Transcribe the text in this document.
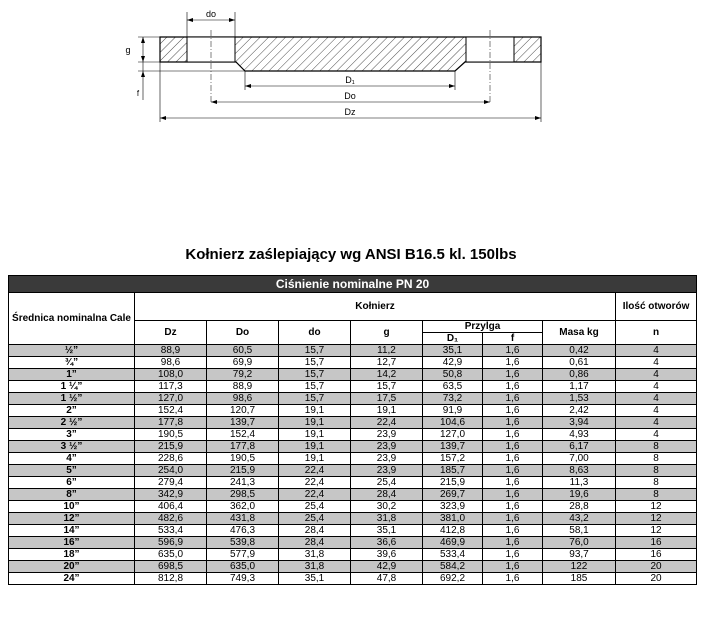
do
g
f
D₁
Do
Dz
Kołnierz zaślepiający wg ANSI B16.5 kl. 150lbs
Ciśnienie nominalne PN 20								
Średnica nominalna Cale	Kołnierz							Ilość otworów
	Dz	Do	do	g	Przylga		Masa kg	n
					D₁	f		
½”	88,9	60,5	15,7	11,2	35,1	1,6	0,42	4
¾”	98,6	69,9	15,7	12,7	42,9	1,6	0,61	4
1”	108,0	79,2	15,7	14,2	50,8	1,6	0,86	4
1 ¼”	117,3	88,9	15,7	15,7	63,5	1,6	1,17	4
1 ½”	127,0	98,6	15,7	17,5	73,2	1,6	1,53	4
2”	152,4	120,7	19,1	19,1	91,9	1,6	2,42	4
2 ½”	177,8	139,7	19,1	22,4	104,6	1,6	3,94	4
3”	190,5	152,4	19,1	23,9	127,0	1,6	4,93	4
3 ½”	215,9	177,8	19,1	23,9	139,7	1,6	6,17	8
4”	228,6	190,5	19,1	23,9	157,2	1,6	7,00	8
5”	254,0	215,9	22,4	23,9	185,7	1,6	8,63	8
6”	279,4	241,3	22,4	25,4	215,9	1,6	11,3	8
8”	342,9	298,5	22,4	28,4	269,7	1,6	19,6	8
10”	406,4	362,0	25,4	30,2	323,9	1,6	28,8	12
12”	482,6	431,8	25,4	31,8	381,0	1,6	43,2	12
14”	533,4	476,3	28,4	35,1	412,8	1,6	58,1	12
16”	596,9	539,8	28,4	36,6	469,9	1,6	76,0	16
18”	635,0	577,9	31,8	39,6	533,4	1,6	93,7	16
20”	698,5	635,0	31,8	42,9	584,2	1,6	122	20
24”	812,8	749,3	35,1	47,8	692,2	1,6	185	20
